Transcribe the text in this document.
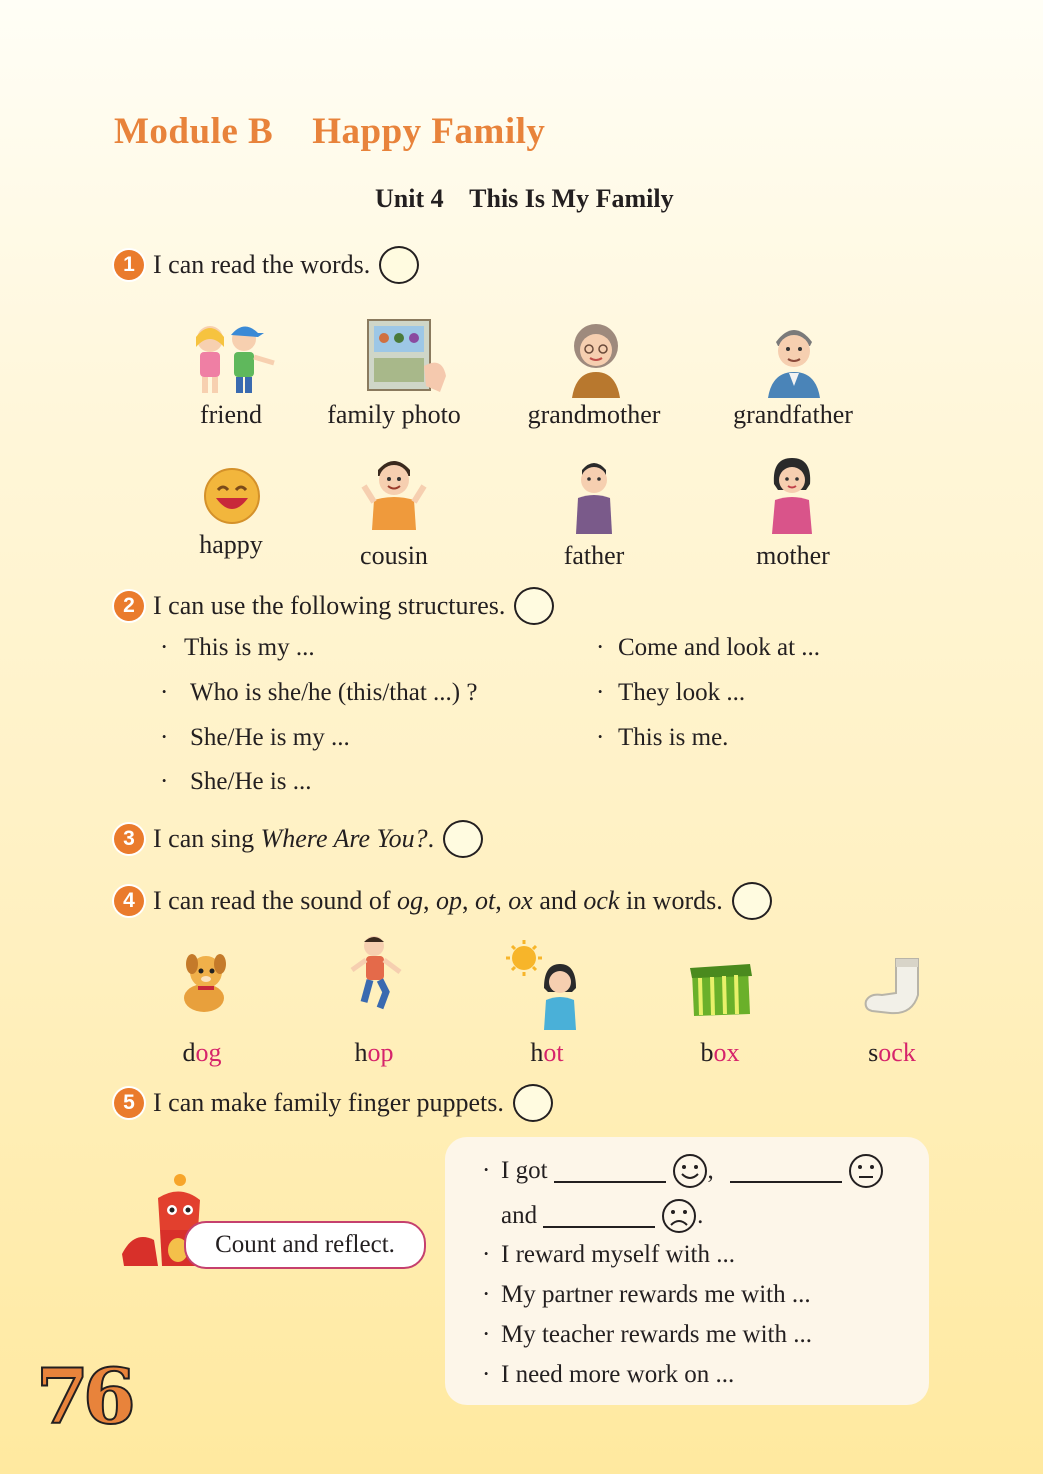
Module B Happy Family
Unit 4 This Is My Family
1 I can read the words.
friend	family photo	grandmother	grandfather
happy	cousin	father	mother
2 I can use the following structures.
· This is my ...
· Who is she/he (this/that ...) ?
· She/He is my ...
· She/He is ...
· Come and look at ...
· They look ...
· This is me.
3 I can sing Where Are You? .
4 I can read the sound of og , op , ot , ox and ock in words.
dog	hop	hot	box	sock
5 I can make family finger puppets.
Count and reflect.
· I got	,
and	.
· I reward myself with ...
· My partner rewards me with ...
· My teacher rewards me with ...
· I need more work on ...
76
